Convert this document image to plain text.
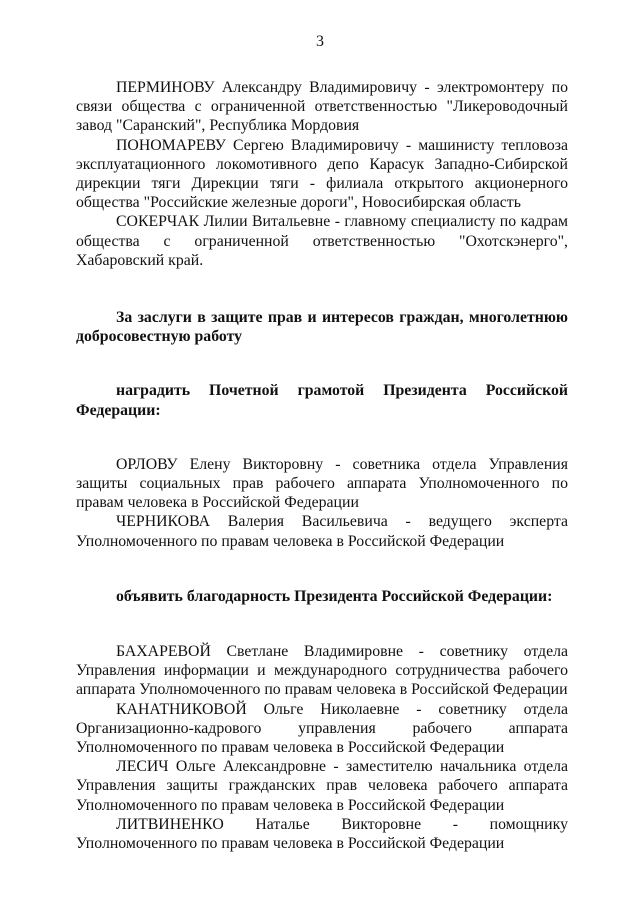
3

ПЕРМИНОВУ Александру Владимировичу - электромонтеру по связи общества с ограниченной ответственностью "Ликероводочный завод "Саранский", Республика Мордовия

ПОНОМАРЕВУ Сергею Владимировичу - машинисту тепловоза эксплуатационного локомотивного депо Карасук Западно-Сибирской дирекции тяги Дирекции тяги - филиала открытого акционерного общества "Российские железные дороги", Новосибирская область

СОКЕРЧАК Лилии Витальевне - главному специалисту по кадрам общества с ограниченной ответственностью "Охотскэнерго", Хабаровский край.

За заслуги в защите прав и интересов граждан, многолетнюю добросовестную работу

наградить Почетной грамотой Президента Российской Федерации:

ОРЛОВУ Елену Викторовну - советника отдела Управления защиты социальных прав рабочего аппарата Уполномоченного по правам человека в Российской Федерации

ЧЕРНИКОВА Валерия Васильевича - ведущего эксперта Уполномоченного по правам человека в Российской Федерации

объявить благодарность Президента Российской Федерации:

БАХАРЕВОЙ Светлане Владимировне - советнику отдела Управления информации и международного сотрудничества рабочего аппарата Уполномоченного по правам человека в Российской Федерации

КАНАТНИКОВОЙ Ольге Николаевне - советнику отдела Организационно-кадрового управления рабочего аппарата Уполномоченного по правам человека в Российской Федерации

ЛЕСИЧ Ольге Александровне - заместителю начальника отдела Управления защиты гражданских прав человека рабочего аппарата Уполномоченного по правам человека в Российской Федерации

ЛИТВИНЕНКО Наталье Викторовне - помощнику Уполномоченного по правам человека в Российской Федерации
